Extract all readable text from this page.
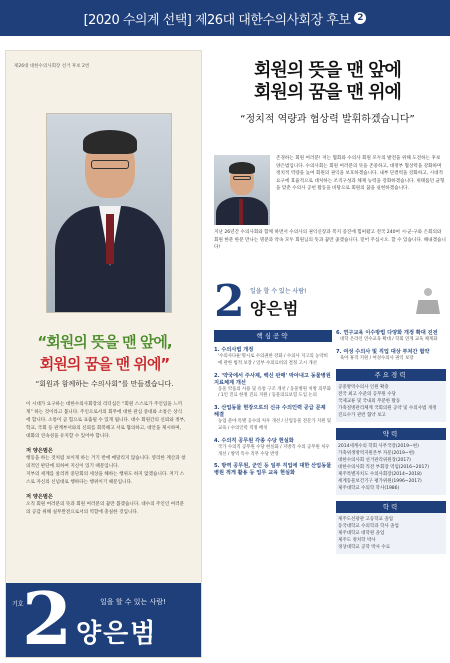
[2020 수의계 선택] 제26대 대한수의사회장 후보 2
제26대 대한수의사회장 선거 후보 2번
“회원의 뜻을 맨 앞에,
회원의 꿈을 맨 위에”
“회원과 함께하는 수의사회”를 만들겠습니다.

이 시대가 요구하는 대한수의사회장의 리더십은 “회원 스스로가 주인임을 느끼게” 하는 것이라고 봅니다. 주인으로서의 회무에 대한 관심 증대와 소통은 상식에 합니다. 소통이 곧 힘으로 표출될 수 있게 됩니다. 대수 회원간의 신뢰와 정부, 학교, 국회 등 관계부서와의 신뢰를 회복해고 서로 협의하고, 대안을 제시하며, 대화의 연속성을 유지할 수 있어야 합니다.

저 양은범은

행동을 하는 것처럼 보이게 하는 거기 반에 매달리지 않습니다. 영리한 계산과 창의적인 판단에 의하여 지신이 있기 때문입니다.

지부의 세계를 살리려 중단회의 세상을 해하는 행위도 하지 않겠습니다. 저기 스스로 자신의 신념대로 행하다는 행위이기 때문입니다.

저 양은범은

오직 회원 여러분의 뜻과 회원 여러분의 꿈만 봅겠습니다. 대수의 주인인 여러분의 공감 위해 실무완전으로서의 역할에 충실한 것입니다.

기호
2	일을 할 수 있는 사람!
양은범
회원의 뜻을 맨 앞에
회원의 꿈을 맨 위에
“정치적 역량과 협상력 발휘하겠습니다”
존경하는 회원 여러분! 저는 협회와 수의사 회원 모두의 발전을 위해 도전하는 후보 양은범입니다. 수의사회는 회원 여러분의 뜻을 존중하고, 대정부 협상력을 강화하며 정치적 역량을 높여 회원의 권익을 보호하겠습니다. 내부 단결력을 강화하고, 시대적 요구에 효율적으로 대처하는 조직구성과 체제 능력을 강화하겠습니다. 위태롭던 균형을 맞춘 수의사 공헌 활동을 바탕으로 회원의 꿈을 실현하겠습니다.
지난 26년간 수의사회와 함께 하면서 수의사의 권익신장과 복지 증진에 힘써왔고 전국 240여 시·군·구와 은회의와 회원 한분 한분 만나는 명분과 약속 모두 회원님의 뜻과 꿈만 좇겠습니다. 믿어 주십시오. 할 수 있습니다. 해내겠습니다!
2 일을 할 수 있는 사람!
양은범
핵심공약
1. 수의사법 개정
'수의사다운'명시로 수의권한 강화 / 수의사 지고의 농약비에 관한 법적 보장 / 일부 수의료비의 결정 고시 개선
2. '약국에서 주사제, 백신 판매' 막아내고 동물병원 지료체계 개선
동물 약품의 사용 및 유통 구조 개선 / 동물병원 처방 의무화 / 1인 진료 한정 진료 지원 / 동물의료보험 도입 논의
3. 산업동물 현장으로의 신규 수의인력 공급 문제 해결
농업 분야 특별 공수의 처우 개선 / 산업동물 전문가 지원 및 교육 / 수의인력 적정 배치
4. 수의직 공무원 각종 수당 현실화
국가 수의직 공무원 수당 현실화 / 지방직 수의 공무원 처우 개선 / 방역 특수 직무 수당 반영
5. 방역 공무원, 군인 등 일부 직업에 대한 산업동물병원 적게 활용 등 업무 교육 현실화
6. 연구교육 이수방법 다양화 개정 확대 진전
대학 온라인 연수교육 확대 / 학회 연계 교육 체계화
7. 여성 수의사 및 직업 대상 부처간 협약
육아 휴직 지원 / 여성수의사 권익 보장
주요경력
공중방역수의사 인원 확충
전국 최고 수준의 공무원 수당
국제교류 및 국내외 무분한 활동
가축질병관리체계 국회의원 공약 및 수의사법 개정
진료수가 관련 협약 보고
약력
2014세계수의 학회 사무국장(2019~현)
가축위생방역지원본부 자문(2019~현)
대한수의사회 선거관리위원장(2017)
대한수의사회 직전 부회장 역임(2016~2017)
제주특별자치도 수의사회장(2014~2018)
세계동물보건기구 평가위원(1996~2017)
제주대학교 수의학 학사(1986)
학력
제주도선광관 고등학교 졸업
동국대학교 수의학과 학사 졸업
제주대학교 대학원 졸업
제주도 정치학 박사
경상대학교 공학 박사 수료
